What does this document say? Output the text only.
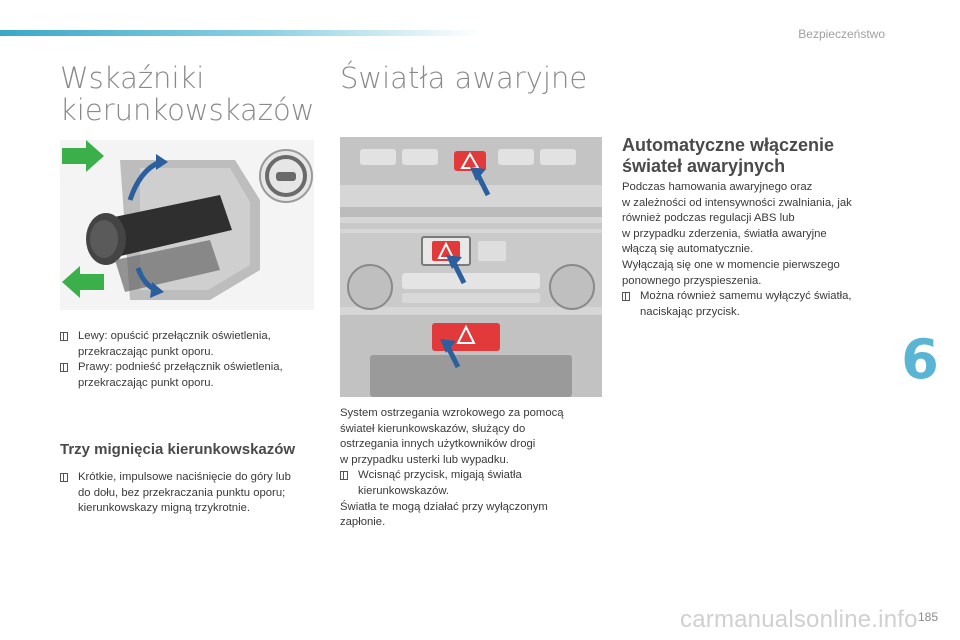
Bezpieczeństwo
Wskaźniki
kierunkowskazów
Lewy: opuścić przełącznik oświetlenia,
przekraczając punkt oporu.
Prawy: podnieść przełącznik oświetlenia,
przekraczając punkt oporu.
Trzy mignięcia kierunkowskazów
Krótkie, impulsowe naciśnięcie do góry lub
do dołu, bez przekraczania punktu oporu;
kierunkowskazy migną trzykrotnie.
Światła awaryjne

System ostrzegania wzrokowego za pomocą

świateł kierunkowskazów, służący do

ostrzegania innych użytkowników drogi

w przypadku usterki lub wypadku.

Wcisnąć przycisk, migają światła
kierunkowskazów.

Światła te mogą działać przy wyłączonym

zapłonie.

Automatyczne włączenie
świateł awaryjnych

Podczas hamowania awaryjnego oraz

w zależności od intensywności zwalniania, jak

również podczas regulacji ABS lub

w przypadku zderzenia, światła awaryjne

włączą się automatycznie.

Wyłączają się one w momencie pierwszego

ponownego przyspieszenia.

Można również samemu wyłączyć światła,
naciskając przycisk.
6
carmanualsonline.info 185
